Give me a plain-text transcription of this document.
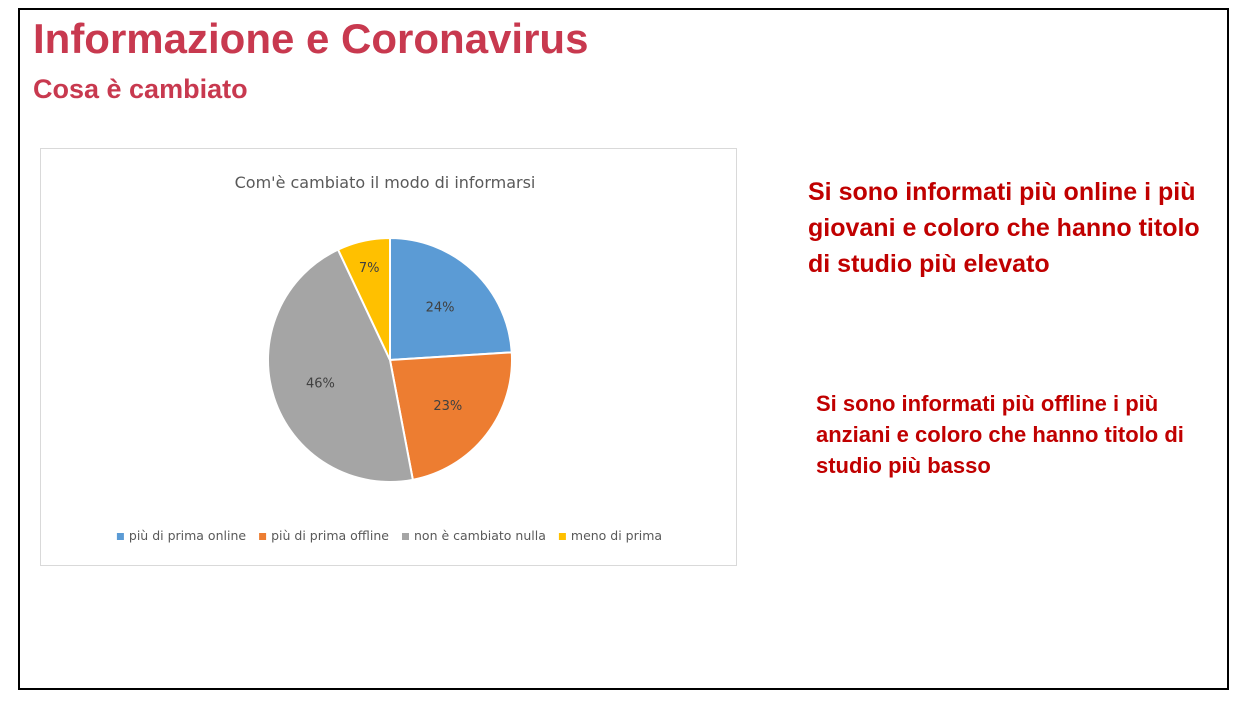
Informazione e Coronavirus
Cosa è cambiato
Com'è cambiato il modo di informarsi
24%
23%
46%
7%
più di prima online più di prima offline non è cambiato nulla meno di prima

Si sono informati più online i più giovani e coloro che hanno titolo di studio più elevato

Si sono informati più offline i più anziani e coloro che hanno titolo di studio più basso
